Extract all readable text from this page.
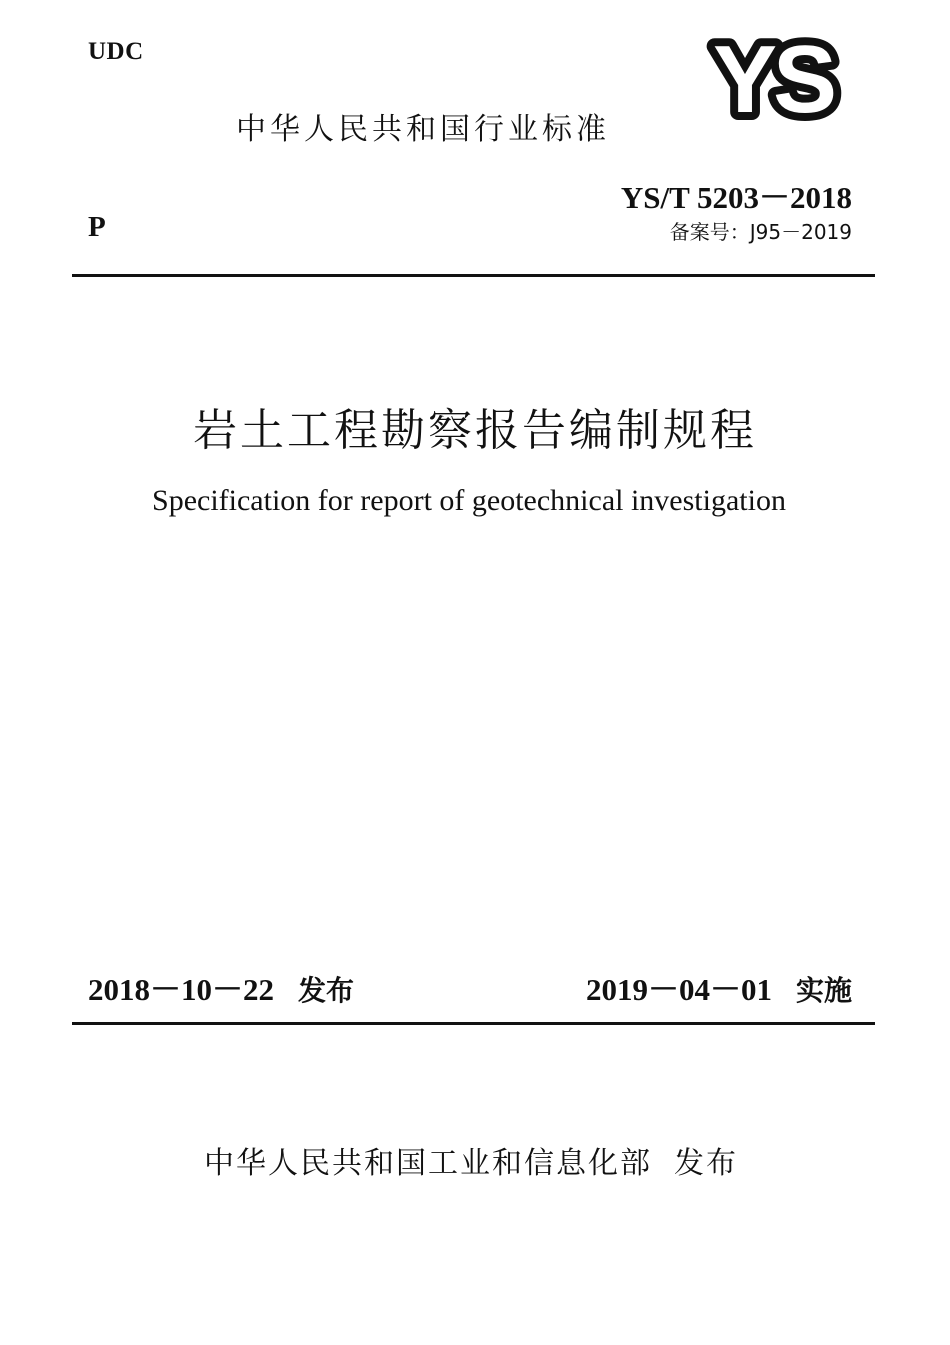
UDC	YS
中华人民共和国行业标准
YS/T 5203－2018
P	备案号：J95－2019
岩土工程勘察报告编制规程
Specification for report of geotechnical investigation
2018－10－22 发布	2019－04－01 实施
中华人民共和国工业和信息化部 发布
